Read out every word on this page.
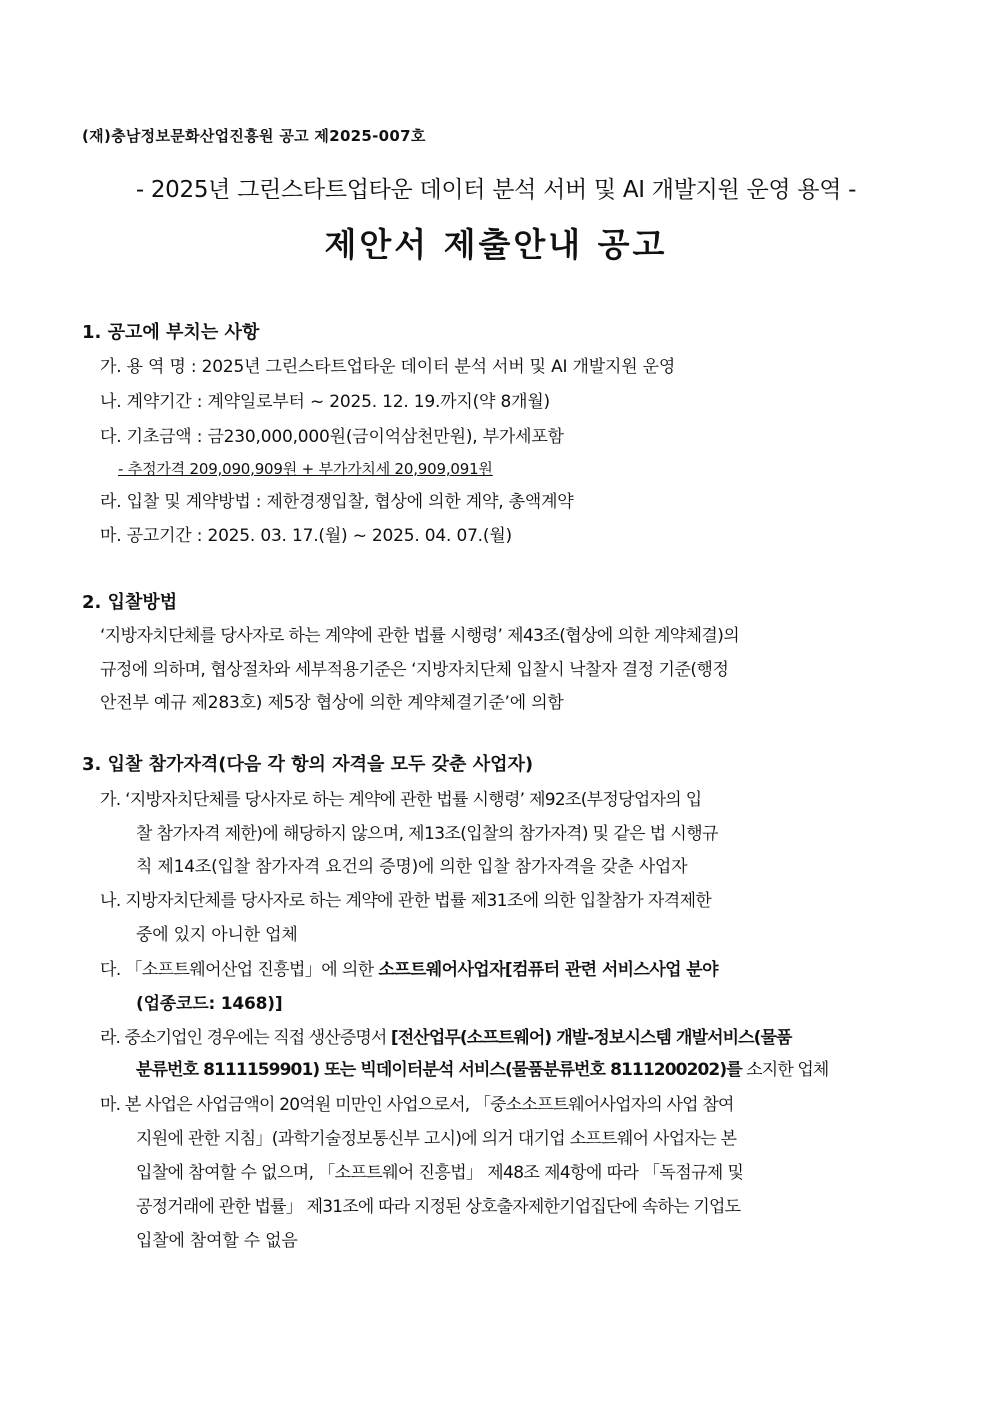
(재)충남정보문화산업진흥원 공고 제2025-007호
- 2025년 그린스타트업타운 데이터 분석 서버 및 AI 개발지원 운영 용역 -
제안서 제출안내 공고
1. 공고에 부치는 사항
가. 용 역 명 : 2025년 그린스타트업타운 데이터 분석 서버 및 AI 개발지원 운영
나. 계약기간 : 계약일로부터 ~ 2025. 12. 19.까지(약 8개월)
다. 기초금액 : 금230,000,000원(금이억삼천만원), 부가세포함
- 추정가격 209,090,909원 + 부가가치세 20,909,091원
라. 입찰 및 계약방법 : 제한경쟁입찰, 협상에 의한 계약, 총액계약
마. 공고기간 : 2025. 03. 17.(월) ~ 2025. 04. 07.(월)
2. 입찰방법
‘지방자치단체를 당사자로 하는 계약에 관한 법률 시행령’ 제43조(협상에 의한 계약체결)의
규정에 의하며, 협상절차와 세부적용기준은 ‘지방자치단체 입찰시 낙찰자 결정 기준(행정
안전부 예규 제283호) 제5장 협상에 의한 계약체결기준’에 의함
3. 입찰 참가자격(다음 각 항의 자격을 모두 갖춘 사업자)
가. ‘지방자치단체를 당사자로 하는 계약에 관한 법률 시행령’ 제92조(부정당업자의 입
찰 참가자격 제한)에 해당하지 않으며, 제13조(입찰의 참가자격) 및 같은 법 시행규
칙 제14조(입찰 참가자격 요건의 증명)에 의한 입찰 참가자격을 갖춘 사업자
나. 지방자치단체를 당사자로 하는 계약에 관한 법률 제31조에 의한 입찰참가 자격제한
중에 있지 아니한 업체
다. 「소프트웨어산업 진흥법」에 의한 소프트웨어사업자[컴퓨터 관련 서비스사업 분야
(업종코드: 1468)]
라. 중소기업인 경우에는 직접 생산증명서 [전산업무(소프트웨어) 개발-정보시스템 개발서비스(물품
분류번호 8111159901) 또는 빅데이터분석 서비스(물품분류번호 8111200202)를 소지한 업체
마. 본 사업은 사업금액이 20억원 미만인 사업으로서, 「중소소프트웨어사업자의 사업 참여
지원에 관한 지침」(과학기술정보통신부 고시)에 의거 대기업 소프트웨어 사업자는 본
입찰에 참여할 수 없으며, 「소프트웨어 진흥법」 제48조 제4항에 따라 「독점규제 및
공정거래에 관한 법률」 제31조에 따라 지정된 상호출자제한기업집단에 속하는 기업도
입찰에 참여할 수 없음
